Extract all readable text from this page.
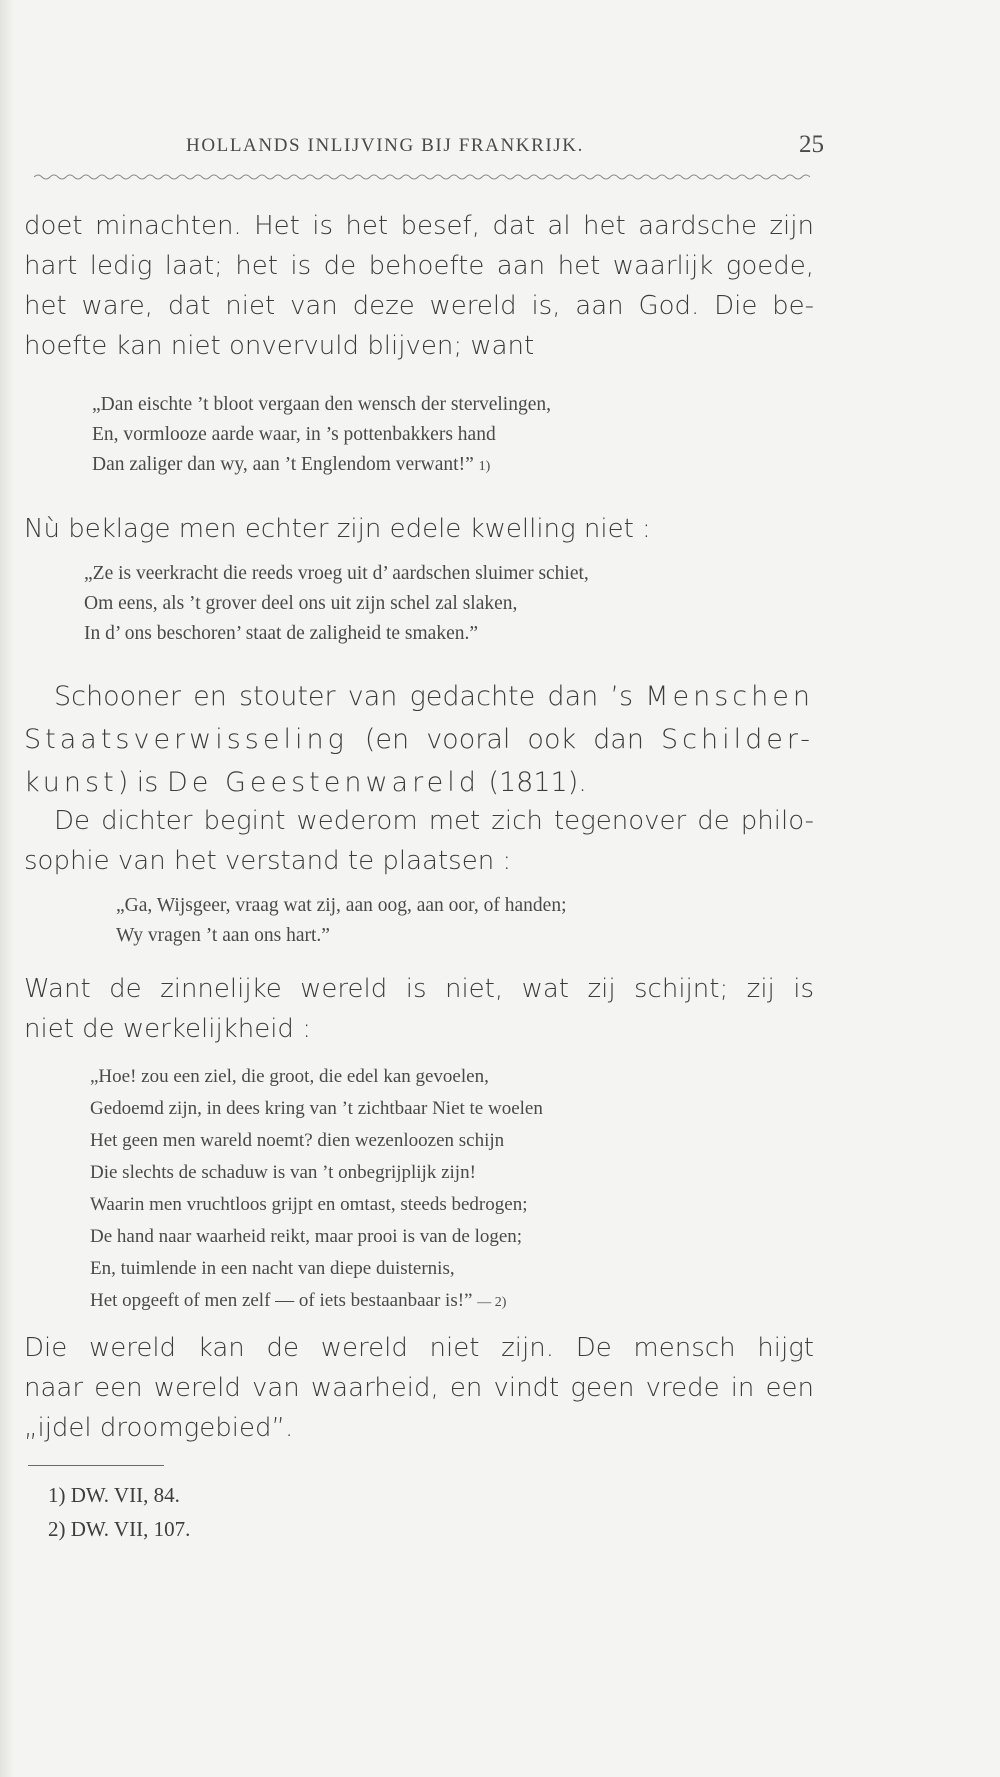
HOLLANDS INLIJVING BIJ FRANKRIJK.	25
doet minachten. Het is het besef, dat al het aardsche zijn
hart ledig laat; het is de behoefte aan het waarlijk goede,
het ware, dat niet van deze wereld is, aan God. Die be-
hoefte kan niet onvervuld blijven; want
„Dan eischte ’t bloot vergaan den wensch der stervelingen,
En, vormlooze aarde waar, in ’s pottenbakkers hand
Dan zaliger dan wy, aan ’t Englendom verwant!” 1)
Nù beklage men echter zijn edele kwelling niet :
„Ze is veerkracht die reeds vroeg uit d’ aardschen sluimer schiet,
Om eens, als ’t grover deel ons uit zijn schel zal slaken,
In d’ ons beschoren’ staat de zaligheid te smaken.”
Schooner en stouter van gedachte dan ’s Menschen
Staatsverwisseling (en vooral ook dan Schilder-
kunst) is De Geestenwareld (1811).
De dichter begint wederom met zich tegenover de philo-
sophie van het verstand te plaatsen :
„Ga, Wijsgeer, vraag wat zij, aan oog, aan oor, of handen;
Wy vragen ’t aan ons hart.”
Want de zinnelijke wereld is niet, wat zij schijnt; zij is
niet de werkelijkheid :
„Hoe! zou een ziel, die groot, die edel kan gevoelen,
Gedoemd zijn, in dees kring van ’t zichtbaar Niet te woelen
Het geen men wareld noemt? dien wezenloozen schijn
Die slechts de schaduw is van ’t onbegrijplijk zijn!
Waarin men vruchtloos grijpt en omtast, steeds bedrogen;
De hand naar waarheid reikt, maar prooi is van de logen;
En, tuimlende in een nacht van diepe duisternis,
Het opgeeft of men zelf — of iets bestaanbaar is!” — 2)
Die wereld kan de wereld niet zijn. De mensch hijgt
naar een wereld van waarheid, en vindt geen vrede in een
„ijdel droomgebied”.
1) DW. VII, 84.
2) DW. VII, 107.
